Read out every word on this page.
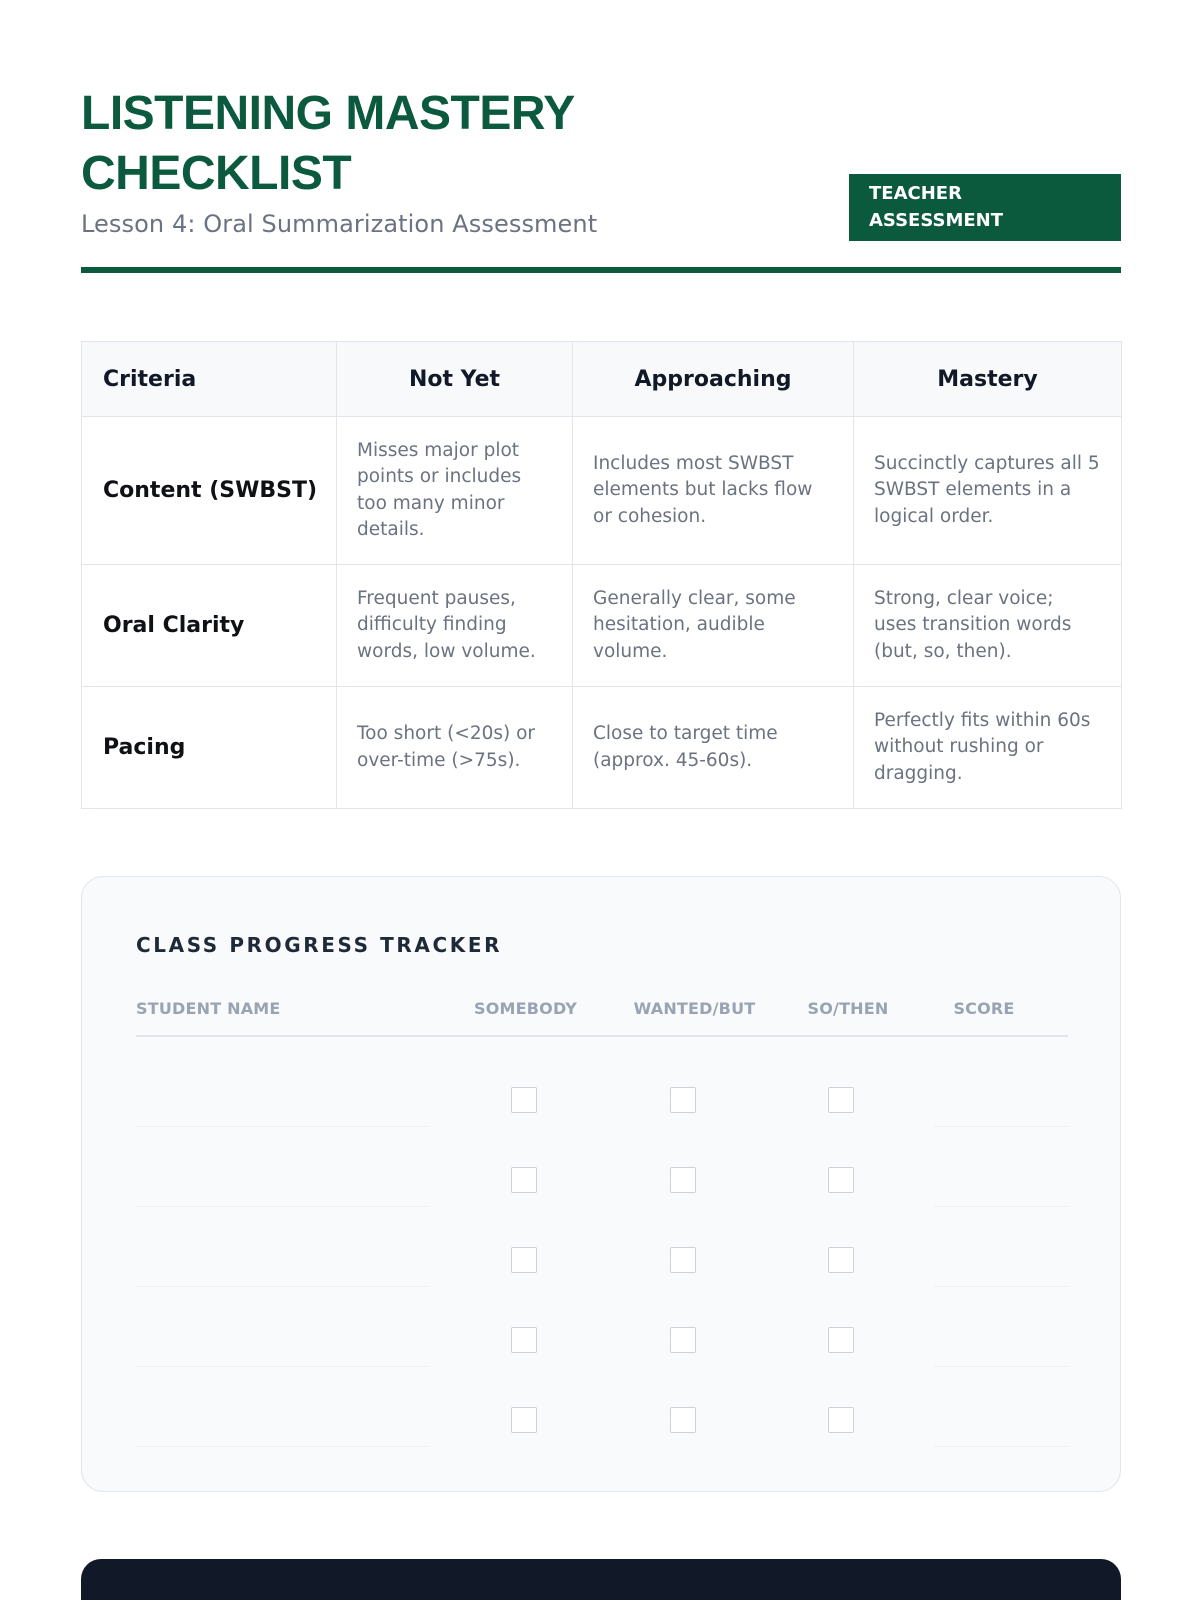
LISTENING MASTERY CHECKLIST
Lesson 4: Oral Summarization Assessment
TEACHER ASSESSMENT
Criteria	Not Yet	Approaching	Mastery
Content (SWBST)	Misses major plot points or includes too many minor details.	Includes most SWBST elements but lacks flow or cohesion.	Succinctly captures all 5 SWBST elements in a logical order.
Oral Clarity	Frequent pauses, difficulty finding words, low volume.	Generally clear, some hesitation, audible volume.	Strong, clear voice; uses transition words (but, so, then).
Pacing	Too short (<20s) or over-time (>75s).	Close to target time (approx. 45-60s).	Perfectly fits within 60s without rushing or dragging.
CLASS PROGRESS TRACKER
STUDENT NAME	SOMEBODY	WANTED/BUT	SO/THEN	SCORE
